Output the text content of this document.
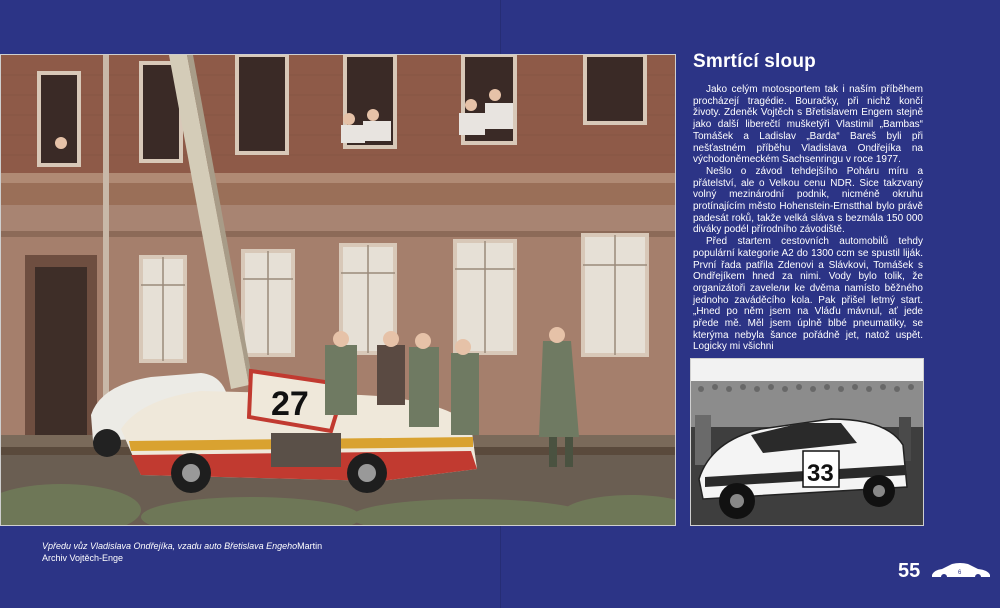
27
Smrtící sloup

Jako celým motosportem tak i naším příběhem procházejí tragédie. Bouračky, při nichž končí životy. Zdeněk Vojtěch s Břetislavem Engem stejně jako další liberečtí mušketýři Vlastimil „Bambas“ Tomášek a Ladislav „Barda“ Bareš byli při nešťastném příběhu Vladislava Ondřejíka na východoněmeckém Sachsenringu v roce 1977.

Nešlo o závod tehdejšího Poháru míru a přátelství, ale o Velkou cenu NDR. Sice takzvaný volný mezinárodní podnik, nicméně okruhu protínajícím město Hohenstein-Ernstthal bylo právě padesát roků, takže velká sláva s bezmála 150 000 diváky podél přírodního závodiště.

Před startem cestovních automobilů tehdy populární kategorie A2 do 1300 ccm se spustil liják. První řada patřila Zdenovi a Slávkovi, Tomášek s Ondřejíkem hned za nimi. Vody bylo tolik, že organizátoři zavelели ke dvěma namísto běžného jednoho zaváděcího kola. Pak přišel letmý start. „Hned po něm jsem na Vláďu mávnul, ať jede přede mě. Měl jsem úplně blbé pneumatiky, se kterýma nebyla šance pořádně jet, natož uspět. Logicky mi všichni

33
Vpředu vůz Vladislava Ondřejíka, vzadu auto Břetislava EngehoMartin
Archiv Vojtěch-Enge
55	6
